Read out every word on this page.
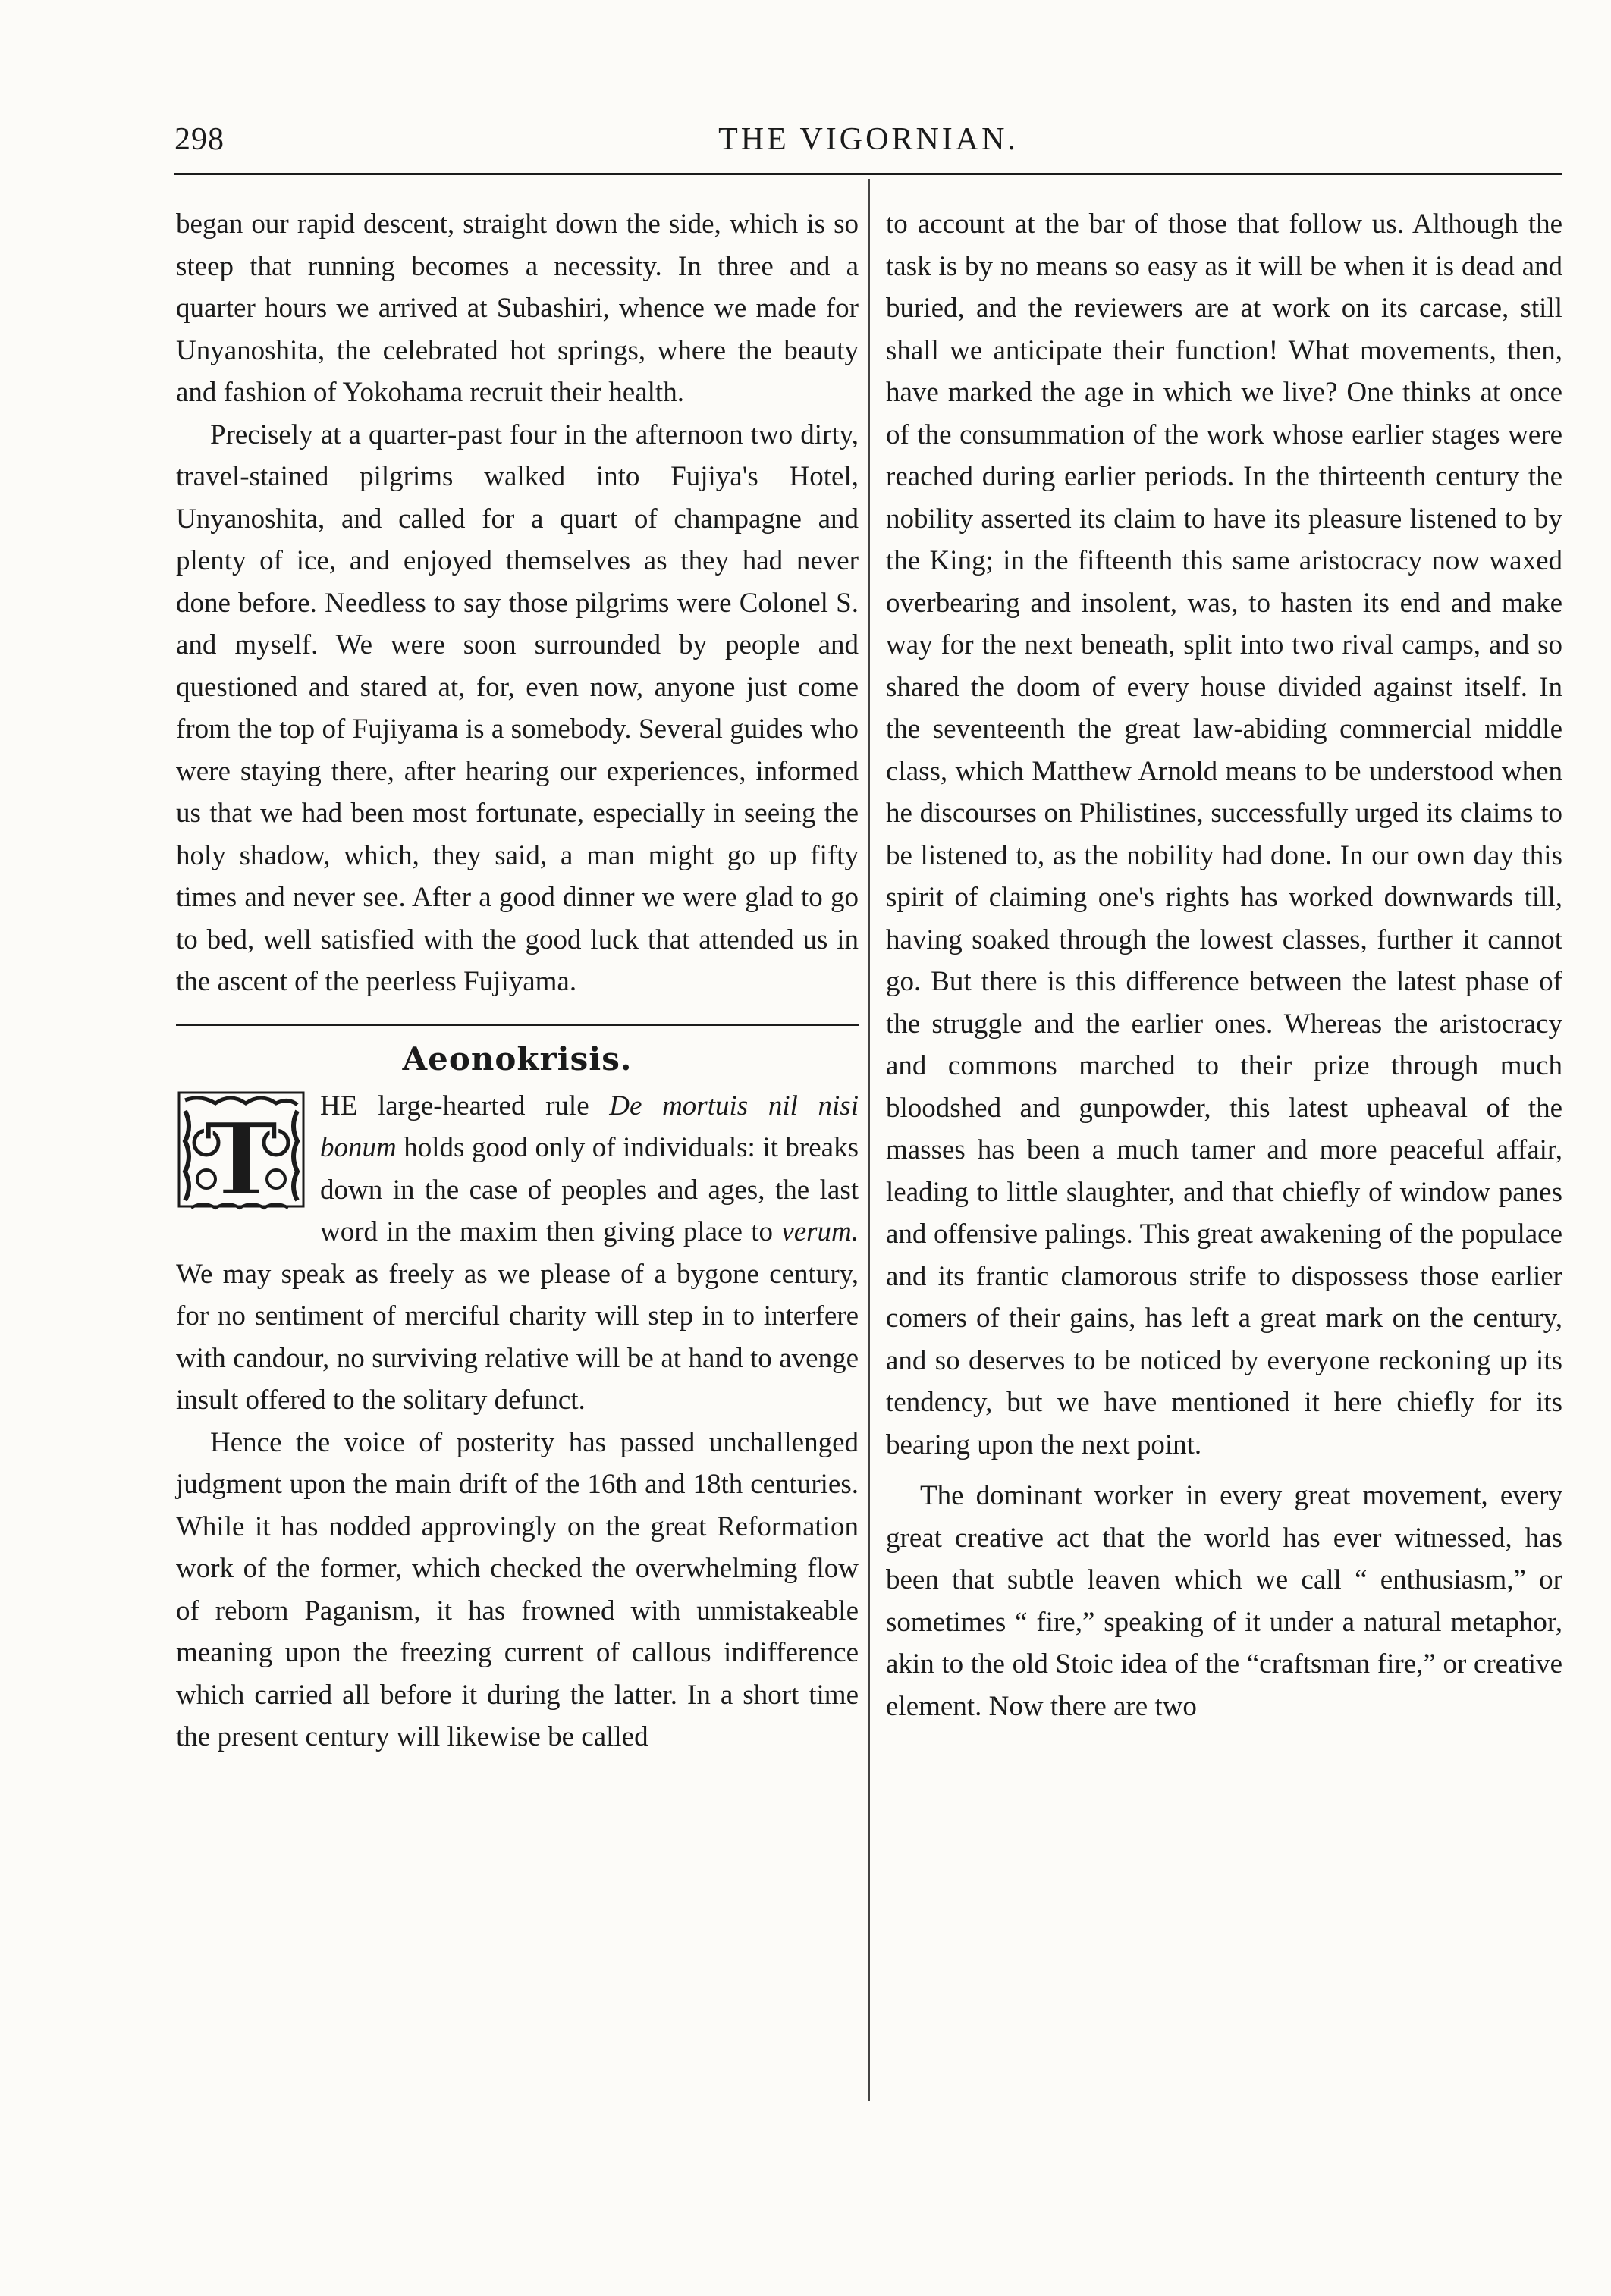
298	THE VIGORNIAN.

began our rapid descent, straight down the side, which is so steep that running becomes a necessity. In three and a quarter hours we arrived at Subashiri, whence we made for Unyanoshita, the celebrated hot springs, where the beauty and fashion of Yokohama recruit their health.

Precisely at a quarter-past four in the afternoon two dirty, travel-stained pilgrims walked into Fujiya's Hotel, Unyanoshita, and called for a quart of champagne and plenty of ice, and enjoyed themselves as they had never done before. Needless to say those pilgrims were Colonel S. and myself. We were soon surrounded by people and questioned and stared at, for, even now, anyone just come from the top of Fujiyama is a somebody. Several guides who were staying there, after hearing our experiences, informed us that we had been most fortunate, especially in seeing the holy shadow, which, they said, a man might go up fifty times and never see. After a good dinner we were glad to go to bed, well satisfied with the good luck that attended us in the ascent of the peerless Fujiyama.

Aeonokrisis.

T HE large-hearted rule De mortuis nil nisi bonum holds good only of individuals: it breaks down in the case of peoples and ages, the last word in the maxim then giving place to verum. We may speak as freely as we please of a bygone century, for no sentiment of merciful charity will step in to interfere with candour, no surviving relative will be at hand to avenge insult offered to the solitary defunct.

Hence the voice of posterity has passed unchallenged judgment upon the main drift of the 16th and 18th centuries. While it has nodded approvingly on the great Reformation work of the former, which checked the overwhelming flow of reborn Paganism, it has frowned with unmistakeable meaning upon the freezing current of callous indifference which carried all before it during the latter. In a short time the present century will likewise be called

to account at the bar of those that follow us. Although the task is by no means so easy as it will be when it is dead and buried, and the reviewers are at work on its carcase, still shall we anticipate their function! What movements, then, have marked the age in which we live? One thinks at once of the consummation of the work whose earlier stages were reached during earlier periods. In the thirteenth century the nobility asserted its claim to have its pleasure listened to by the King; in the fifteenth this same aristocracy now waxed overbearing and insolent, was, to hasten its end and make way for the next beneath, split into two rival camps, and so shared the doom of every house divided against itself. In the seventeenth the great law-abiding commercial middle class, which Matthew Arnold means to be understood when he discourses on Philistines, successfully urged its claims to be listened to, as the nobility had done. In our own day this spirit of claiming one's rights has worked downwards till, having soaked through the lowest classes, further it cannot go. But there is this difference between the latest phase of the struggle and the earlier ones. Whereas the aristocracy and commons marched to their prize through much bloodshed and gunpowder, this latest upheaval of the masses has been a much tamer and more peaceful affair, leading to little slaughter, and that chiefly of window panes and offensive palings. This great awakening of the populace and its frantic clamorous strife to dispossess those earlier comers of their gains, has left a great mark on the century, and so deserves to be noticed by everyone reckoning up its tendency, but we have mentioned it here chiefly for its bearing upon the next point.

The dominant worker in every great movement, every great creative act that the world has ever witnessed, has been that subtle leaven which we call “ enthusiasm,” or sometimes “ fire,” speaking of it under a natural metaphor, akin to the old Stoic idea of the “craftsman fire,” or creative element. Now there are two
